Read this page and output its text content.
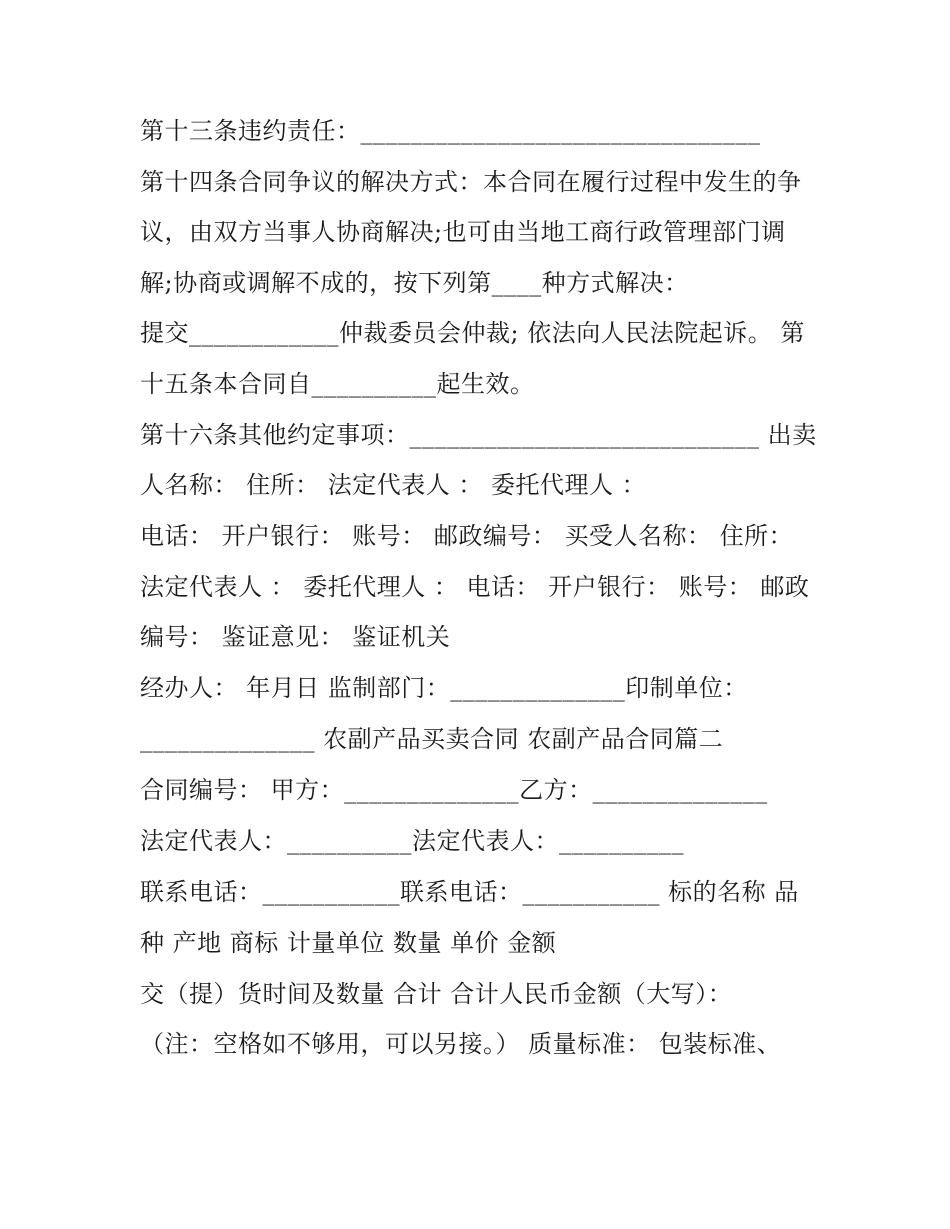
第十三条违约责任：________________________________
第十四条合同争议的解决方式：本合同在履行过程中发生的争
议，由双方当事人协商解决;也可由当地工商行政管理部门调
解;协商或调解不成的，按下列第____种方式解决：
提交____________仲裁委员会仲裁; 依法向人民法院起诉。 第
十五条本合同自__________起生效。
第十六条其他约定事项：____________________________ 出卖
人名称： 住所： 法定代表人 ： 委托代理人 ：
电话： 开户银行： 账号： 邮政编号： 买受人名称： 住所：
法定代表人 ： 委托代理人 ： 电话： 开户银行： 账号： 邮政
编号： 鉴证意见： 鉴证机关
经办人： 年月日 监制部门：______________印制单位：
______________ 农副产品买卖合同 农副产品合同篇二
合同编号： 甲方：______________乙方：______________
法定代表人：__________法定代表人：__________
联系电话：___________联系电话：___________ 标的名称 品
种 产地 商标 计量单位 数量 单价 金额
交（提）货时间及数量 合计 合计人民币金额（大写）：
（注：空格如不够用，可以另接。） 质量标准： 包装标准、
